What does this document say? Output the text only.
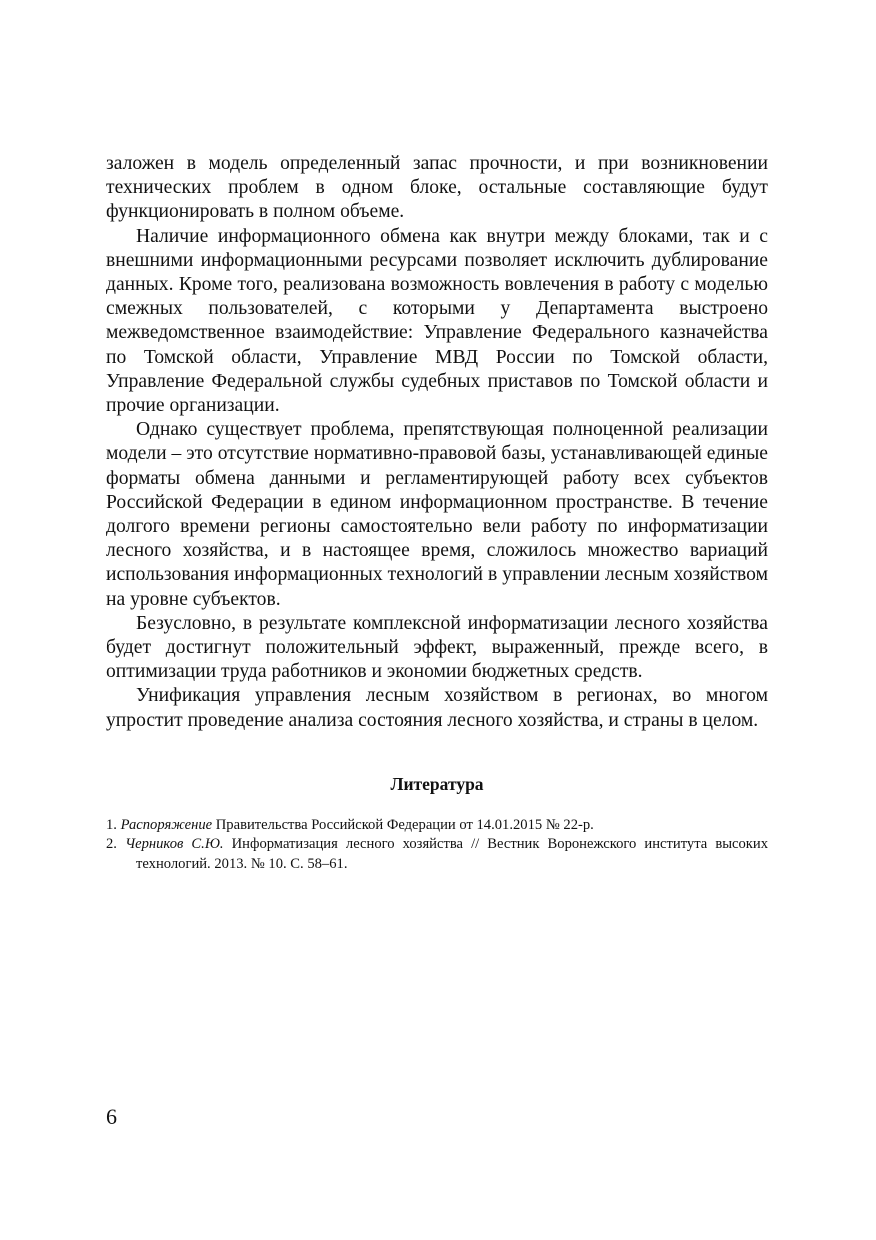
заложен в модель определенный запас прочности, и при возникновении технических проблем в одном блоке, остальные составляющие будут функционировать в полном объеме.

Наличие информационного обмена как внутри между блоками, так и с внешними информационными ресурсами позволяет исключить дублирование данных. Кроме того, реализована возможность вовлечения в работу с моделью смежных пользователей, с которыми у Департамента выстроено межведомственное взаимодействие: Управление Федерального казначейства по Томской области, Управление МВД России по Томской области, Управление Федеральной службы судебных приставов по Томской области и прочие организации.

Однако существует проблема, препятствующая полноценной реализации модели – это отсутствие нормативно-правовой базы, устанавливающей единые форматы обмена данными и регламентирующей работу всех субъектов Российской Федерации в едином информационном пространстве. В течение долгого времени регионы самостоятельно вели работу по информатизации лесного хозяйства, и в настоящее время, сложилось множество вариаций использования информационных технологий в управлении лесным хозяйством на уровне субъектов.

Безусловно, в результате комплексной информатизации лесного хозяйства будет достигнут положительный эффект, выраженный, прежде всего, в оптимизации труда работников и экономии бюджетных средств.

Унификация управления лесным хозяйством в регионах, во многом упростит проведение анализа состояния лесного хозяйства, и страны в целом.

Литература

1. Распоряжение Правительства Российской Федерации от 14.01.2015 № 22-р.

2. Черников С.Ю. Информатизация лесного хозяйства // Вестник Воронежского института высоких технологий. 2013. № 10. С. 58–61.

6
